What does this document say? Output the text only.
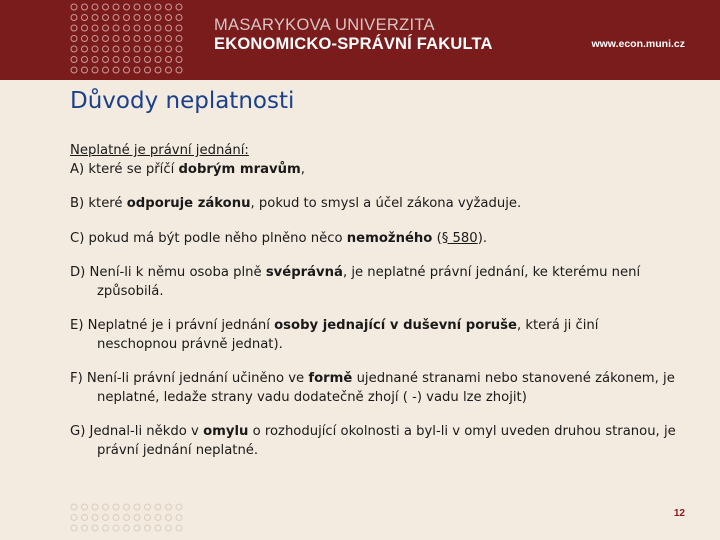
MASARYKOVA UNIVERZITA
EKONOMICKO-SPRÁVNÍ FAKULTA	www.econ.muni.cz
Důvody neplatnosti

Neplatné je právní jednání:

A) které se příčí dobrým mravům,

B) které odporuje zákonu, pokud to smysl a účel zákona vyžaduje.

C) pokud má být podle něho plněno něco nemožného (§ 580).

D) Není-li k němu osoba plně svéprávná, je neplatné právní jednání, ke kterému není způsobilá.

E) Neplatné je i právní jednání osoby jednající v duševní poruše, která ji činí neschopnou právně jednat).

F) Není-li právní jednání učiněno ve formě ujednané stranami nebo stanovené zákonem, je neplatné, ledaže strany vadu dodatečně zhojí ( -) vadu lze zhojit)

G) Jednal-li někdo v omylu o rozhodující okolnosti a byl-li v omyl uveden druhou stranou, je právní jednání neplatné.

12
